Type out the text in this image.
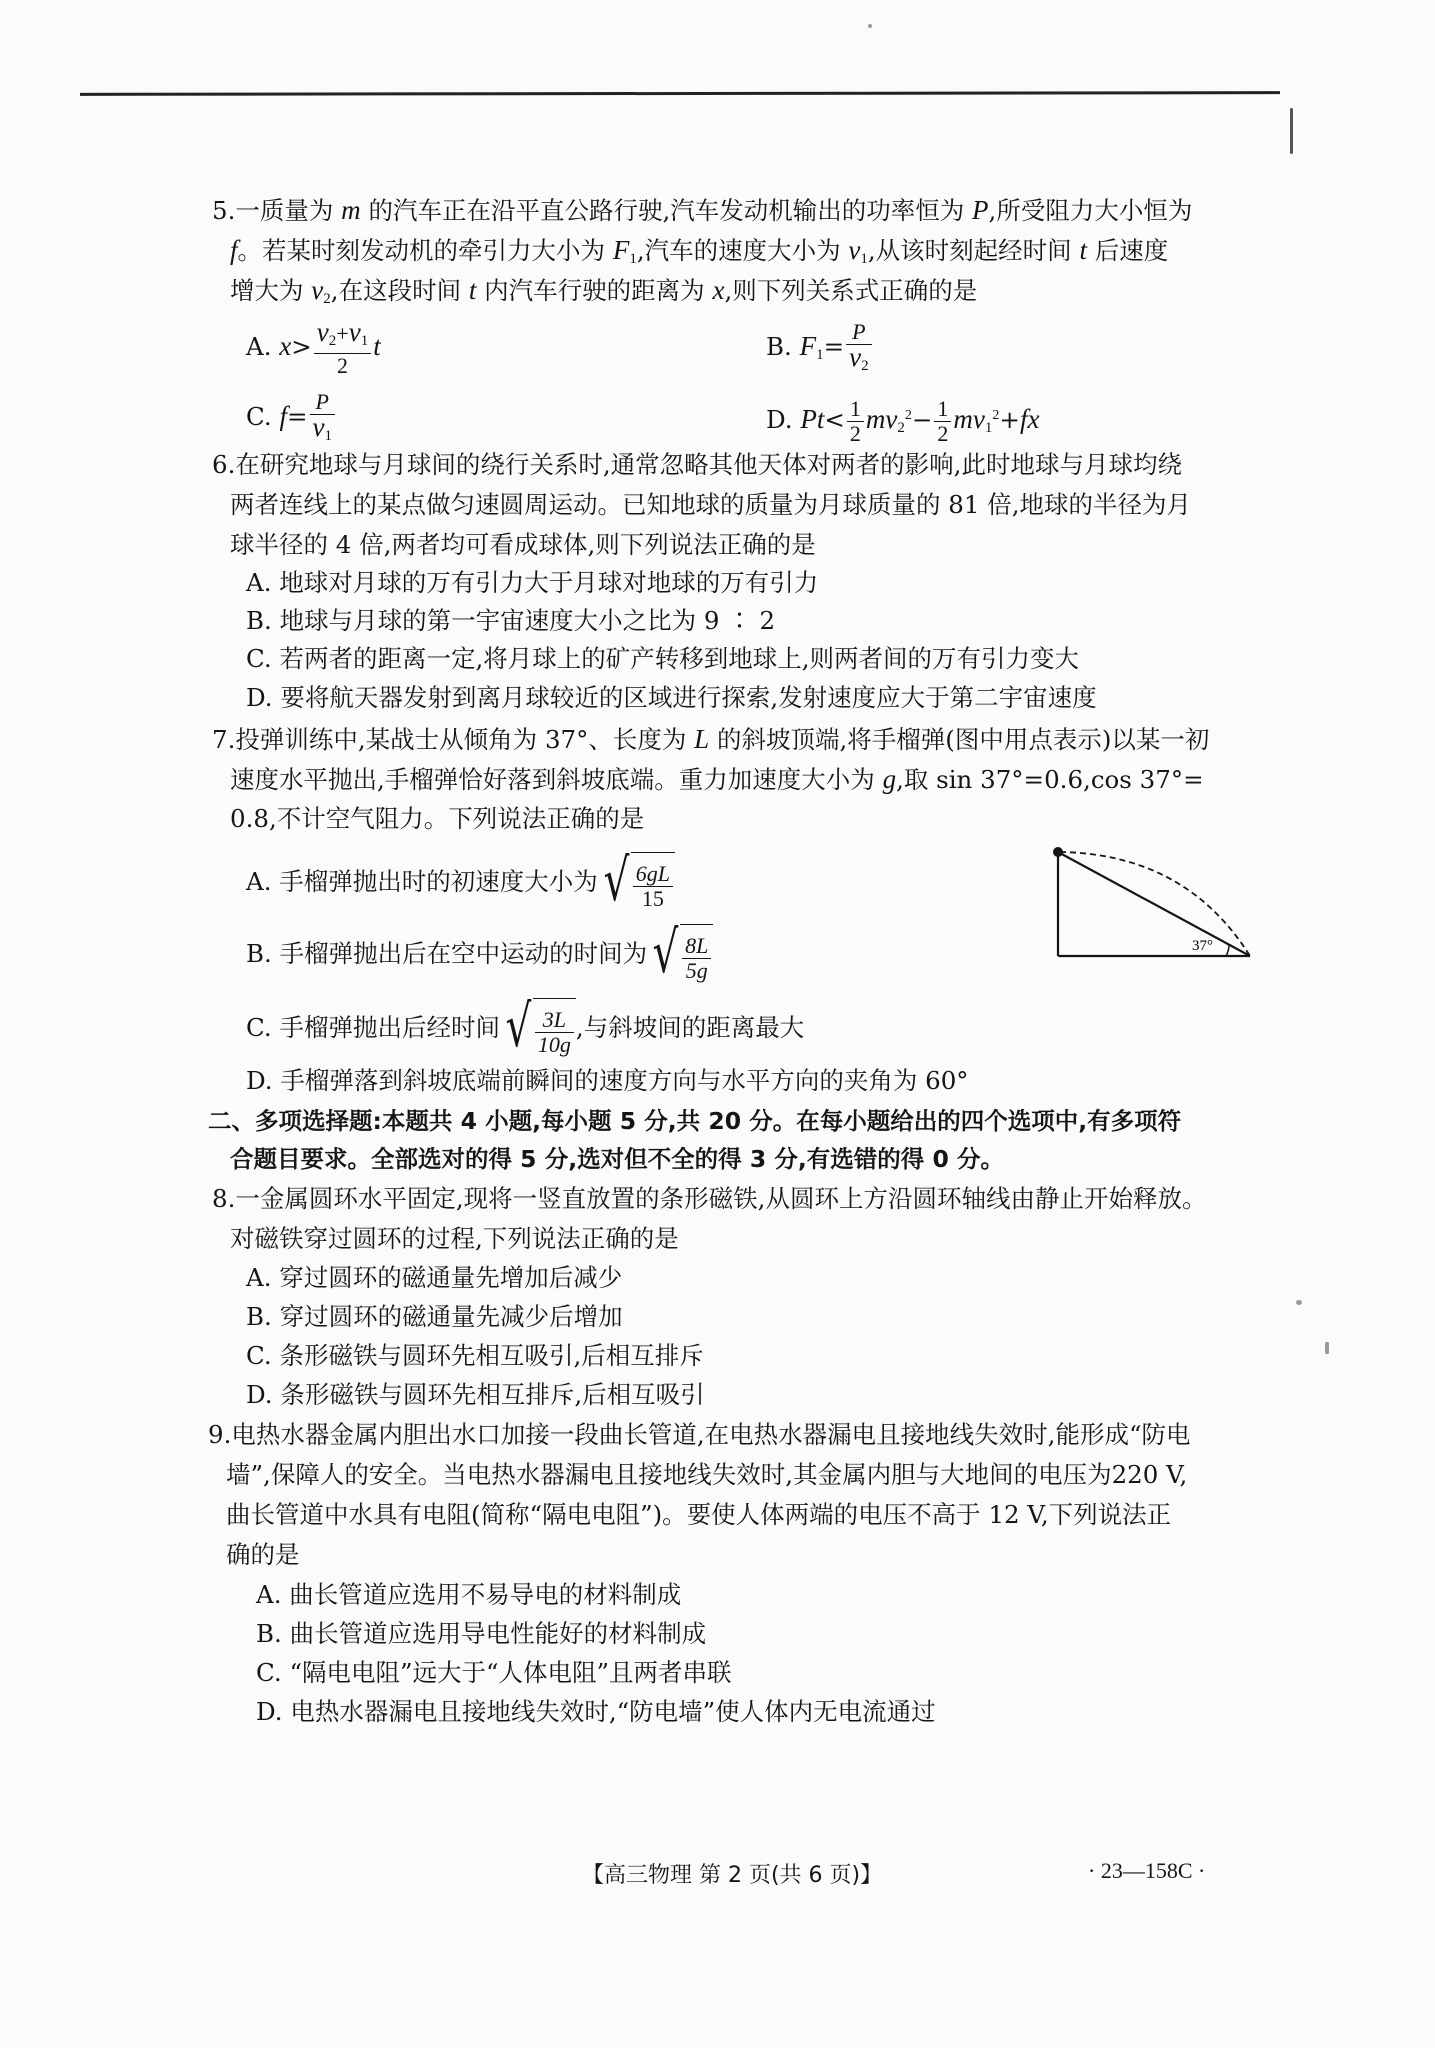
5.一质量为 m 的汽车正在沿平直公路行驶,汽车发动机输出的功率恒为 P,所受阻力大小恒为
f。若某时刻发动机的牵引力大小为 $F_1$,汽车的速度大小为 $v_1$,从该时刻起经时间 t 后速度
增大为 $v_2$,在这段时间 t 内汽车行驶的距离为 x,则下列关系式正确的是
A. $x> \frac{v_2+v_1}{2}$ t	B. $F_1= \frac{P}{v_2}$
C. $f= \frac{P}{v_1}$	D. $Pt< \frac{1}{2} mv_2^2- \frac{1}{2} mv_1^2+fx$
6.在研究地球与月球间的绕行关系时,通常忽略其他天体对两者的影响,此时地球与月球均绕
两者连线上的某点做匀速圆周运动。已知地球的质量为月球质量的 81 倍,地球的半径为月
球半径的 4 倍,两者均可看成球体,则下列说法正确的是
A. 地球对月球的万有引力大于月球对地球的万有引力
B. 地球与月球的第一宇宙速度大小之比为 9 ∶ 2
C. 若两者的距离一定,将月球上的矿产转移到地球上,则两者间的万有引力变大
D. 要将航天器发射到离月球较近的区域进行探索,发射速度应大于第二宇宙速度
7.投弹训练中,某战士从倾角为 37°、长度为 L 的斜坡顶端,将手榴弹(图中用点表示)以某一初
速度水平抛出,手榴弹恰好落到斜坡底端。重力加速度大小为 g,取 sin 37°=0.6,cos 37°=
0.8,不计空气阻力。下列说法正确的是
A. 手榴弹抛出时的初速度大小为 √ $\frac{6gL}{15}$
B. 手榴弹抛出后在空中运动的时间为 √ $\frac{8L}{5g}$
C. 手榴弹抛出后经时间 √ $\frac{3L}{10g}$ ,与斜坡间的距离最大
D. 手榴弹落到斜坡底端前瞬间的速度方向与水平方向的夹角为 60°
37°
二、多项选择题:本题共 4 小题,每小题 5 分,共 20 分。在每小题给出的四个选项中,有多项符
合题目要求。全部选对的得 5 分,选对但不全的得 3 分,有选错的得 0 分。
8.一金属圆环水平固定,现将一竖直放置的条形磁铁,从圆环上方沿圆环轴线由静止开始释放。
对磁铁穿过圆环的过程,下列说法正确的是
A. 穿过圆环的磁通量先增加后减少
B. 穿过圆环的磁通量先减少后增加
C. 条形磁铁与圆环先相互吸引,后相互排斥
D. 条形磁铁与圆环先相互排斥,后相互吸引
9.电热水器金属内胆出水口加接一段曲长管道,在电热水器漏电且接地线失效时,能形成“防电
墙”,保障人的安全。当电热水器漏电且接地线失效时,其金属内胆与大地间的电压为220 V,
曲长管道中水具有电阻(简称“隔电电阻”)。要使人体两端的电压不高于 12 V,下列说法正
确的是
A. 曲长管道应选用不易导电的材料制成
B. 曲长管道应选用导电性能好的材料制成
C. “隔电电阻”远大于“人体电阻”且两者串联
D. 电热水器漏电且接地线失效时,“防电墙”使人体内无电流通过
【高三物理 第 2 页(共 6 页)】	· 23—158C ·
